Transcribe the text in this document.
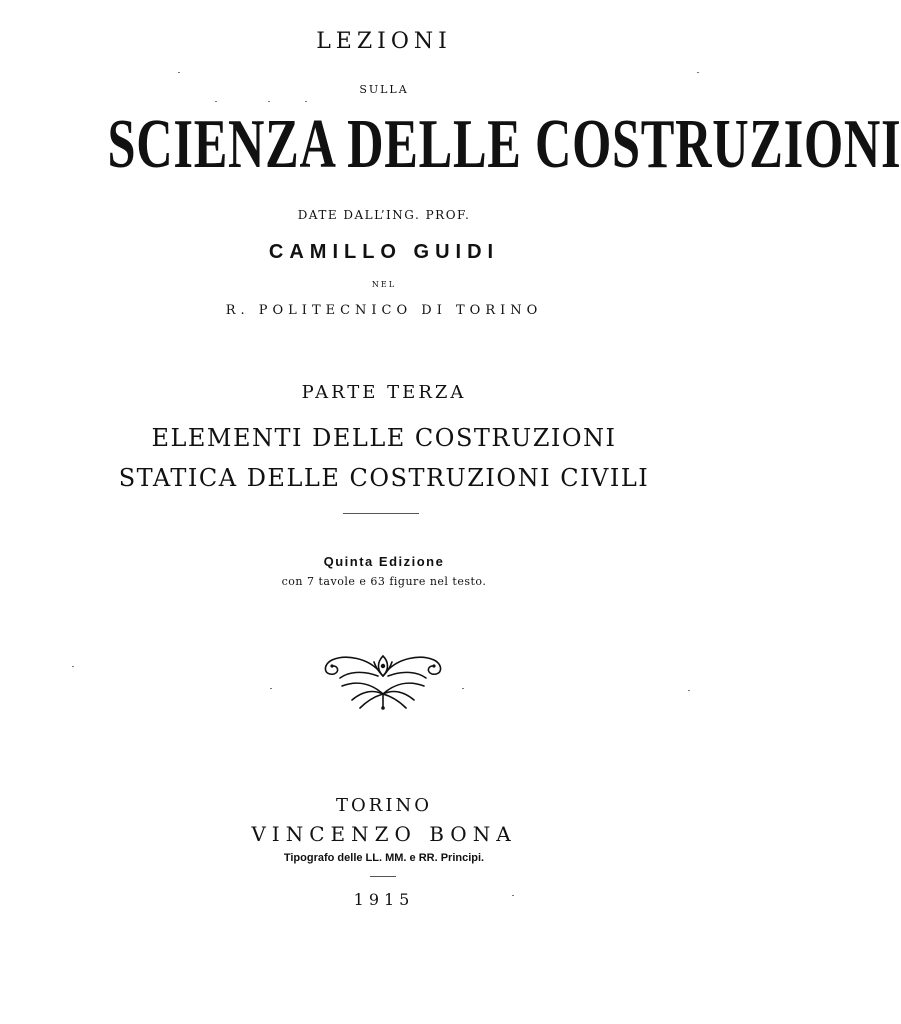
LEZIONI
SULLA
SCIENZA DELLE COSTRUZIONI
DATE DALL’ING. PROF.
CAMILLO GUIDI
NEL
R. POLITECNICO DI TORINO
PARTE TERZA
ELEMENTI DELLE COSTRUZIONI
STATICA DELLE COSTRUZIONI CIVILI
Quinta Edizione
con 7 tavole e 63 figure nel testo.
TORINO
VINCENZO BONA
Tipografo delle LL. MM. e RR. Principi.
1915
